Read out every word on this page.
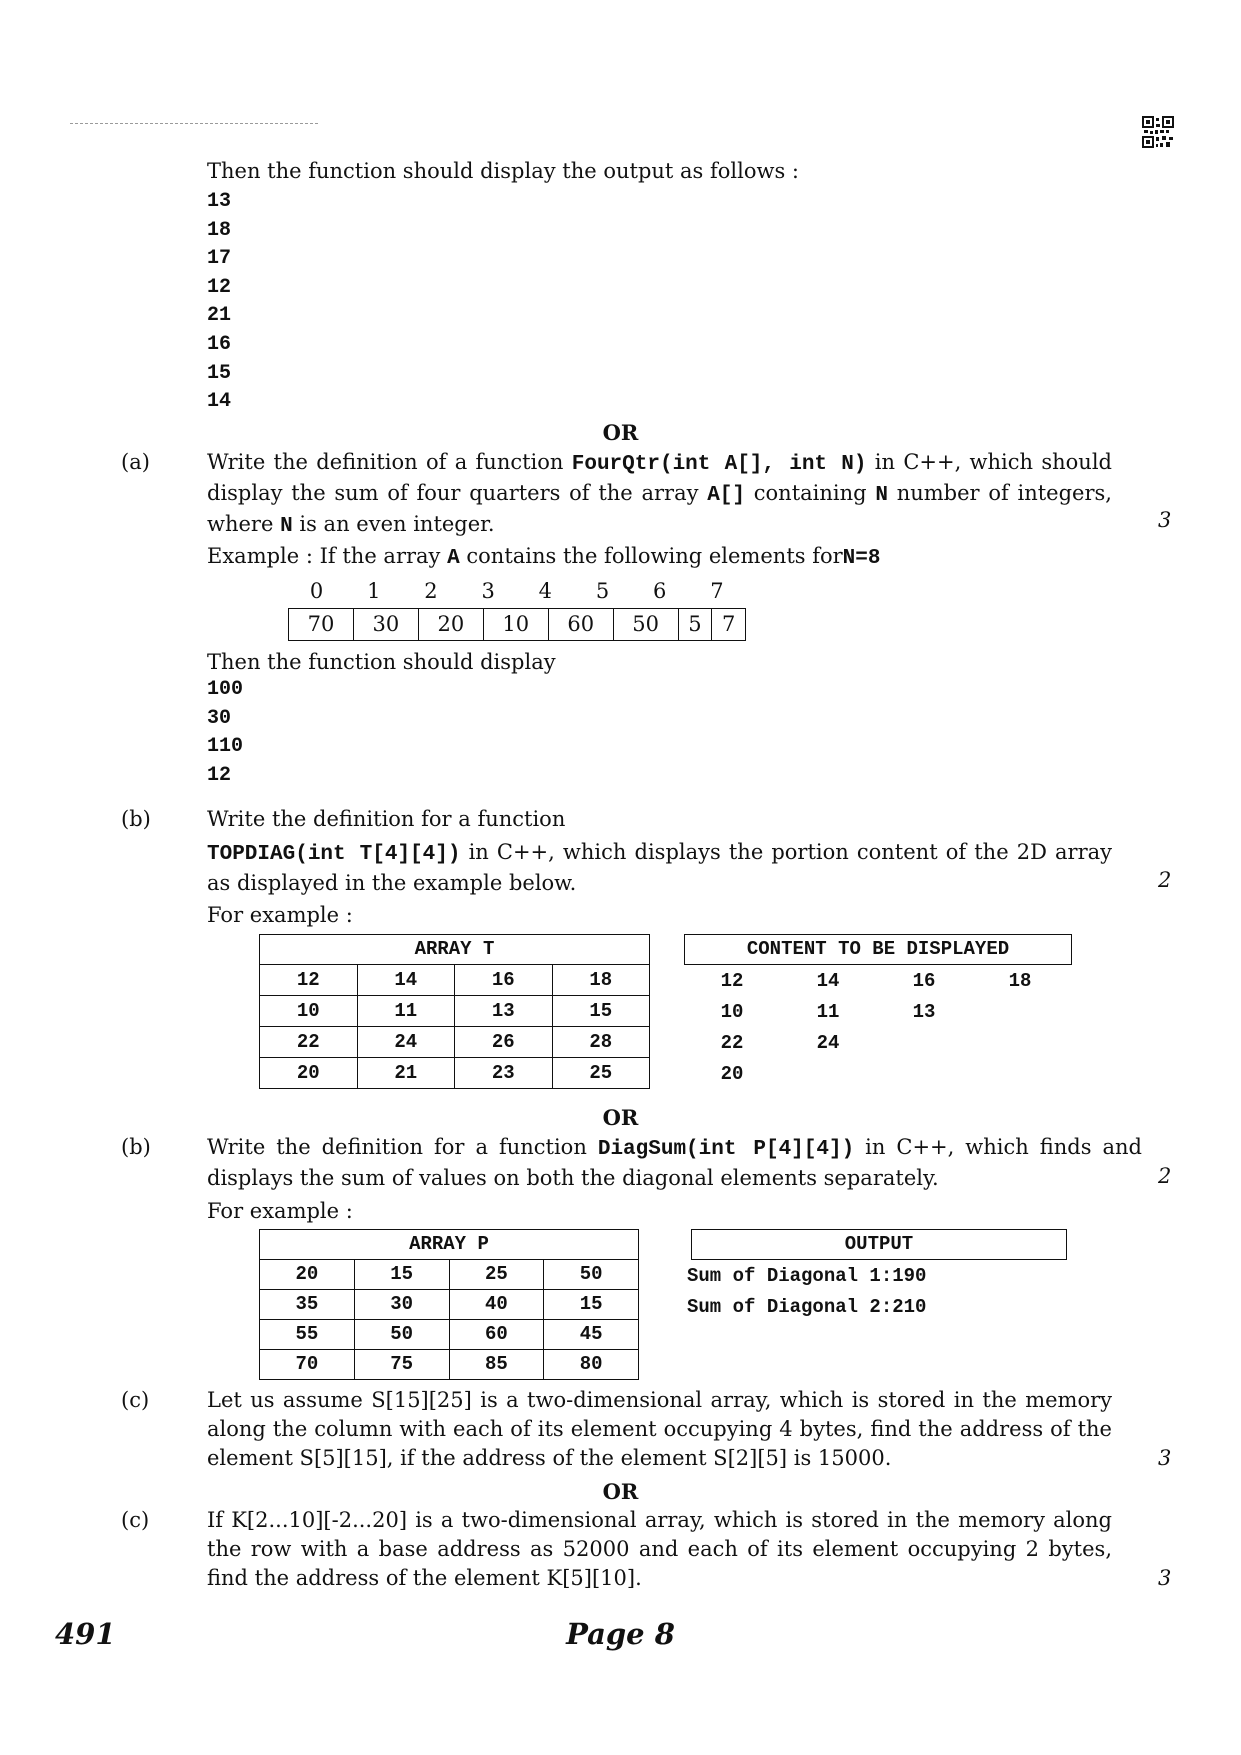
Then the function should display the output as follows :
13
18
17
12
21
16
15
14
OR
(a)	Write the definition of a function FourQtr(int A[], int N) in C++, which should display the sum of four quarters of the array A[] containing N number of integers, where N is an even integer.	3
Example : If the array A contains the following elements forN=8
0	1	2	3	4	5	6	7
70	30	20	10	60	50	5	7
Then the function should display
100
30
110
12
(b)	Write the definition for a function
TOPDIAG(int T[4][4]) in C++, which displays the portion content of the 2D array as displayed in the example below.	2
For example :
ARRAY T			
12	14	16	18
10	11	13	15
22	24	26	28
20	21	23	25
CONTENT TO BE DISPLAYED
12	14	16	18
10	11	13
22	24
20
OR
(b)	Write the definition for a function DiagSum(int P[4][4]) in C++, which finds and displays the sum of values on both the diagonal elements separately.	2
For example :
ARRAY P			
20	15	25	50
35	30	40	15
55	50	60	45
70	75	85	80
OUTPUT
Sum of Diagonal 1:190
Sum of Diagonal 2:210
(c)	Let us assume S[15][25] is a two-dimensional array, which is stored in the memory along the column with each of its element occupying 4 bytes, find the address of the element S[5][15], if the address of the element S[2][5] is 15000.	3
OR
(c)	If K[2...10][-2...20] is a two-dimensional array, which is stored in the memory along the row with a base address as 52000 and each of its element occupying 2 bytes, find the address of the element K[5][10].	3
491	Page 8
